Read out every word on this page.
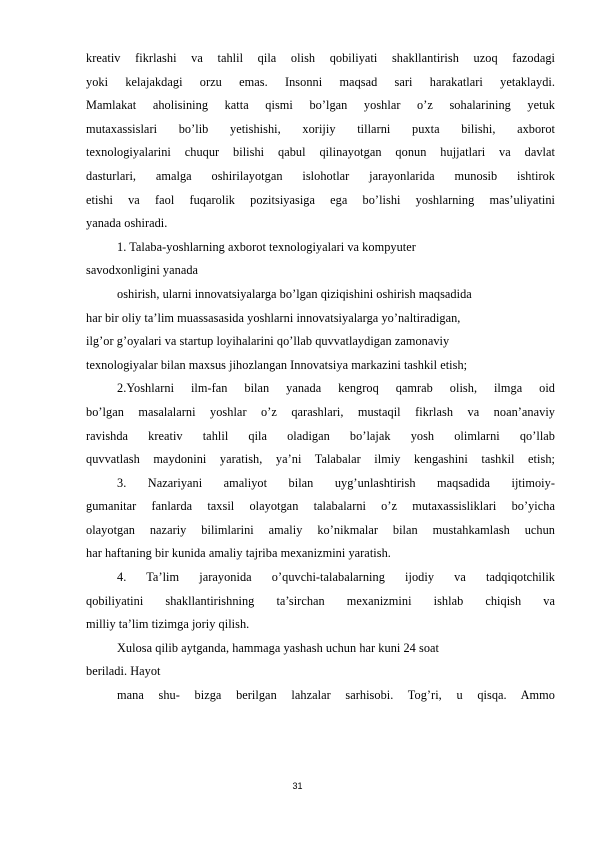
kreativ fikrlashi va tahlil qila olish qobiliyati shakllantirish uzoq fazodagi
yoki kelajakdagi orzu emas. Insonni maqsad sari harakatlari yetaklaydi.
Mamlakat aholisining katta qismi bo’lgan yoshlar o’z sohalarining yetuk
mutaxassislari bo’lib yetishishi, xorijiy tillarni puxta bilishi, axborot
texnologiyalarini chuqur bilishi qabul qilinayotgan qonun hujjatlari va davlat
dasturlari, amalga oshirilayotgan islohotlar jarayonlarida munosib ishtirok
etishi va faol fuqarolik pozitsiyasiga ega bo’lishi yoshlarning mas’uliyatini
yanada oshiradi.
1. Talaba-yoshlarning axborot texnologiyalari va kompyuter
savodxonligini yanada
oshirish, ularni innovatsiyalarga bo’lgan qiziqishini oshirish maqsadida
har bir oliy ta’lim muassasasida yoshlarni innovatsiyalarga yo’naltiradigan,
ilg’or g’oyalari va startup loyihalarini qo’llab quvvatlaydigan zamonaviy
texnologiyalar bilan maxsus jihozlangan Innovatsiya markazini tashkil etish;
2.Yoshlarni ilm-fan bilan yanada kengroq qamrab olish, ilmga oid
bo’lgan masalalarni yoshlar o’z qarashlari, mustaqil fikrlash va noan’anaviy
ravishda kreativ tahlil qila oladigan bo’lajak yosh olimlarni qo’llab
quvvatlash maydonini yaratish, ya’ni Talabalar ilmiy kengashini tashkil etish;
3. Nazariyani amaliyot bilan uyg’unlashtirish maqsadida ijtimoiy-
gumanitar fanlarda taxsil olayotgan talabalarni o’z mutaxassisliklari bo’yicha
olayotgan nazariy bilimlarini amaliy ko’nikmalar bilan mustahkamlash uchun
har haftaning bir kunida amaliy tajriba mexanizmini yaratish.
4. Ta’lim jarayonida o’quvchi-talabalarning ijodiy va tadqiqotchilik
qobiliyatini shakllantirishning ta’sirchan mexanizmini ishlab chiqish va
milliy ta’lim tizimga joriy qilish.
Xulosa qilib aytganda, hammaga yashash uchun har kuni 24 soat
beriladi. Hayot
mana shu- bizga berilgan lahzalar sarhisobi. Tog’ri, u qisqa. Ammo
31
